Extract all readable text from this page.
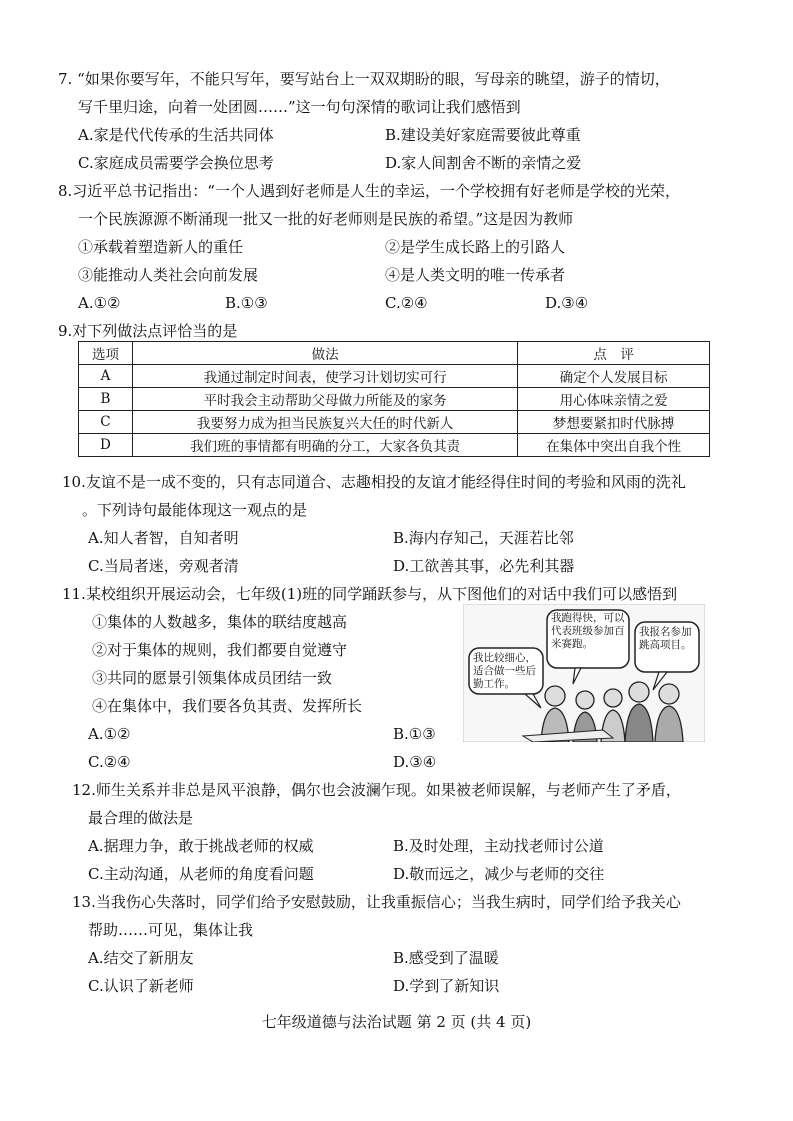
7. “如果你要写年，不能只写年，要写站台上一双双期盼的眼，写母亲的眺望，游子的情切，
写千里归途，向着一处团圆……”这一句句深情的歌词让我们感悟到
A.家是代代传承的生活共同体	B.建设美好家庭需要彼此尊重
C.家庭成员需要学会换位思考	D.家人间割舍不断的亲情之爱
8.习近平总书记指出：“一个人遇到好老师是人生的幸运，一个学校拥有好老师是学校的光荣，
一个民族源源不断涌现一批又一批的好老师则是民族的希望。”这是因为教师
①承载着塑造新人的重任	②是学生成长路上的引路人
③能推动人类社会向前发展	④是人类文明的唯一传承者
A.①②	B.①③	C.②④	D.③④
9.对下列做法点评恰当的是
选项	做法	点　评
A	我通过制定时间表，使学习计划切实可行	确定个人发展目标
B	平时我会主动帮助父母做力所能及的家务	用心体味亲情之爱
C	我要努力成为担当民族复兴大任的时代新人	梦想要紧扣时代脉搏
D	我们班的事情都有明确的分工，大家各负其责	在集体中突出自我个性
10.友谊不是一成不变的，只有志同道合、志趣相投的友谊才能经得住时间的考验和风雨的洗礼
。下列诗句最能体现这一观点的是
A.知人者智，自知者明	B.海内存知己，天涯若比邻
C.当局者迷，旁观者清	D.工欲善其事，必先利其器
11.某校组织开展运动会，七年级(1)班的同学踊跃参与，从下图他们的对话中我们可以感悟到
①集体的人数越多，集体的联结度越高
②对于集体的规则，我们都要自觉遵守
③共同的愿景引领集体成员团结一致
④在集体中，我们要各负其责、发挥所长
A.①②	B.①③
C.②④	D.③④
我跑得快，可以代表班级参加百米赛跑。
我报名参加跳高项目。
我比较细心，适合做一些后勤工作。
12.师生关系并非总是风平浪静，偶尔也会波澜乍现。如果被老师误解，与老师产生了矛盾，
最合理的做法是
A.据理力争，敢于挑战老师的权威	B.及时处理，主动找老师讨公道
C.主动沟通，从老师的角度看问题	D.敬而远之，减少与老师的交往
13.当我伤心失落时，同学们给予安慰鼓励，让我重振信心；当我生病时，同学们给予我关心
帮助……可见，集体让我
A.结交了新朋友	B.感受到了温暖
C.认识了新老师	D.学到了新知识
七年级道德与法治试题 第 2 页 (共 4 页)
